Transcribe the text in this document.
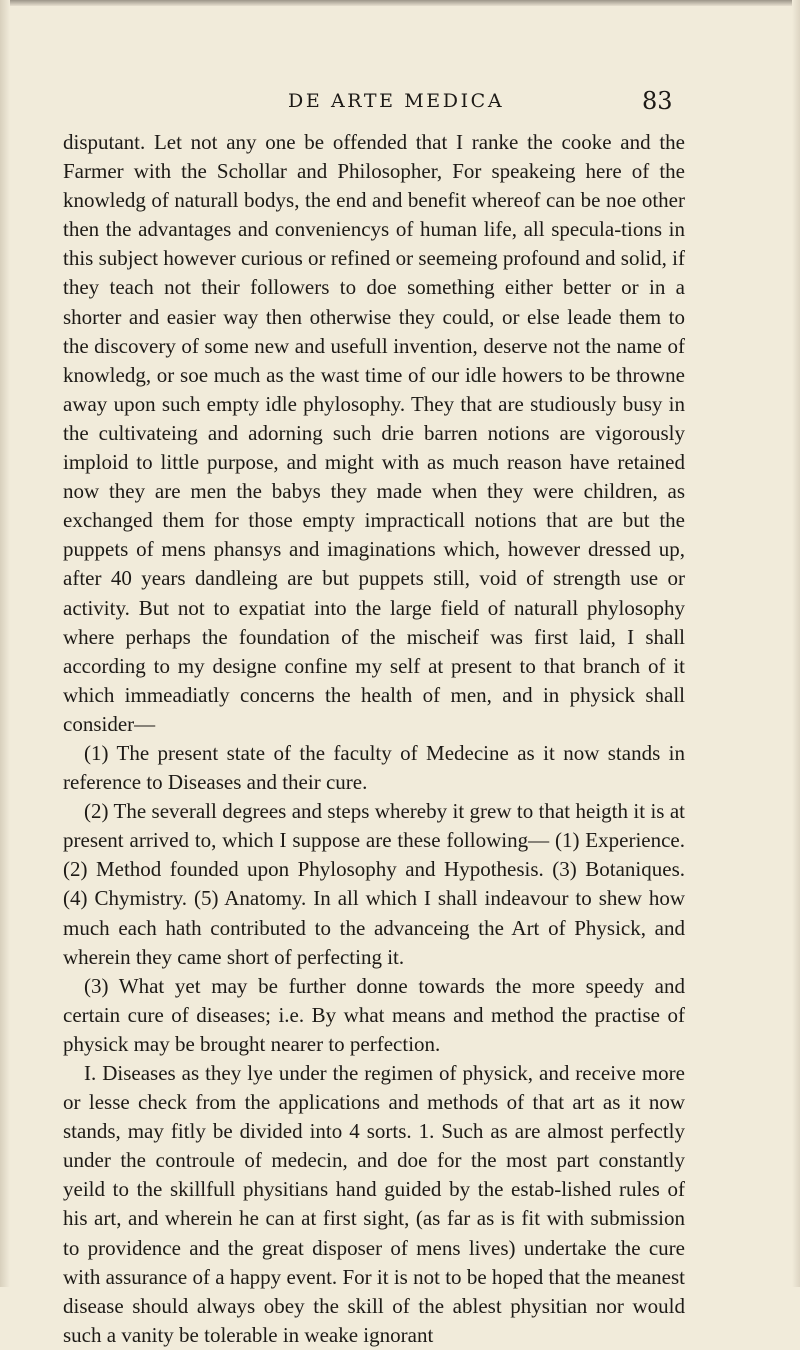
DE ARTE MEDICA	83

disputant. Let not any one be offended that I ranke the cooke and the Farmer with the Schollar and Philosopher, For speakeing here of the knowledg of naturall bodys, the end and benefit whereof can be noe other then the advantages and conveniencys of human life, all specula-tions in this subject however curious or refined or seemeing profound and solid, if they teach not their followers to doe something either better or in a shorter and easier way then otherwise they could, or else leade them to the discovery of some new and usefull invention, deserve not the name of knowledg, or soe much as the wast time of our idle howers to be throwne away upon such empty idle phylosophy. They that are studiously busy in the cultivateing and adorning such drie barren notions are vigorously imploid to little purpose, and might with as much reason have retained now they are men the babys they made when they were children, as exchanged them for those empty impracticall notions that are but the puppets of mens phansys and imaginations which, however dressed up, after 40 years dandleing are but puppets still, void of strength use or activity. But not to expatiat into the large field of naturall phylosophy where perhaps the foundation of the mischeif was first laid, I shall according to my designe confine my self at present to that branch of it which immeadiatly concerns the health of men, and in physick shall consider—

(1) The present state of the faculty of Medecine as it now stands in reference to Diseases and their cure.

(2) The severall degrees and steps whereby it grew to that heigth it is at present arrived to, which I suppose are these following— (1) Experience. (2) Method founded upon Phylosophy and Hypothesis. (3) Botaniques. (4) Chymistry. (5) Anatomy. In all which I shall indeavour to shew how much each hath contributed to the advanceing the Art of Physick, and wherein they came short of perfecting it.

(3) What yet may be further donne towards the more speedy and certain cure of diseases; i.e. By what means and method the practise of physick may be brought nearer to perfection.

I. Diseases as they lye under the regimen of physick, and receive more or lesse check from the applications and methods of that art as it now stands, may fitly be divided into 4 sorts. 1. Such as are almost perfectly under the controule of medecin, and doe for the most part constantly yeild to the skillfull physitians hand guided by the estab-lished rules of his art, and wherein he can at first sight, (as far as is fit with submission to providence and the great disposer of mens lives) undertake the cure with assurance of a happy event. For it is not to be hoped that the meanest disease should always obey the skill of the ablest physitian nor would such a vanity be tolerable in weake ignorant
